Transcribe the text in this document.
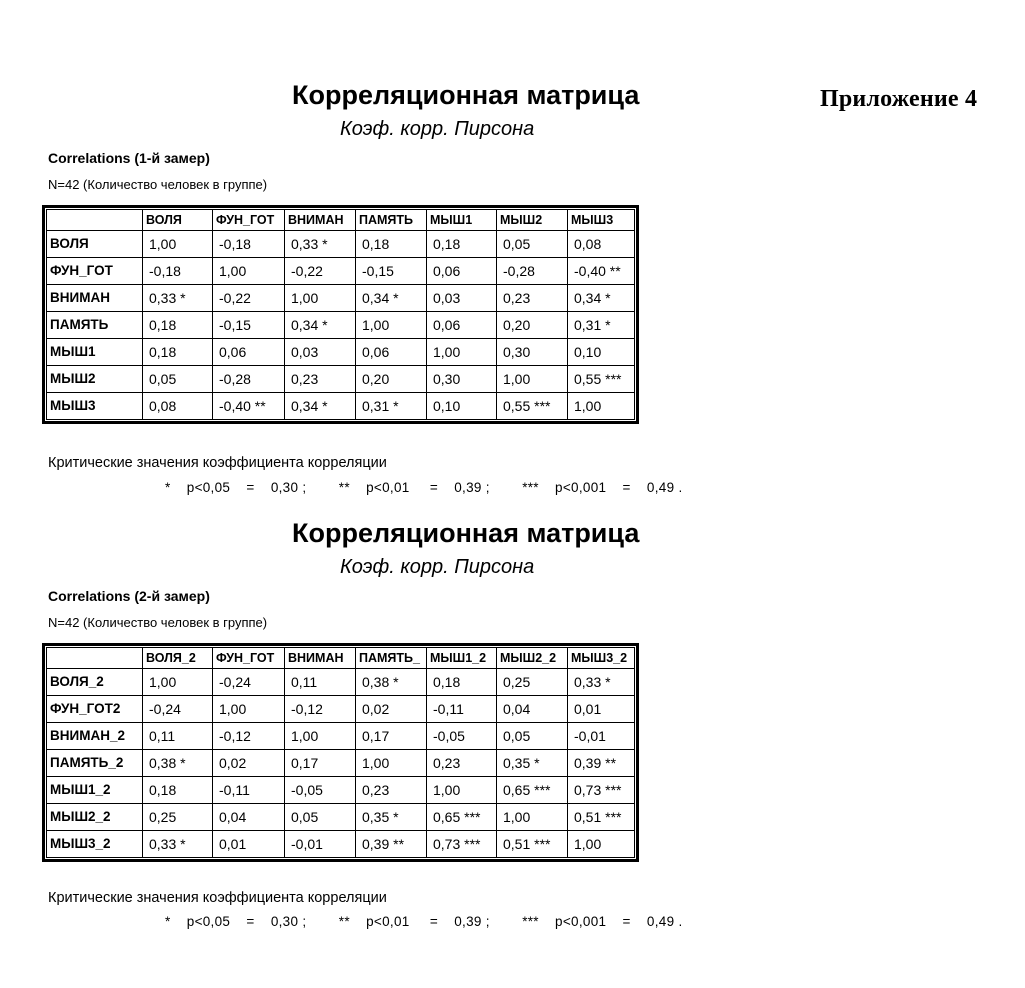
Приложение 4
Корреляционная матрица
Коэф. корр. Пирсона
Correlations (1-й замер)
N=42 (Количество человек в группе)
	ВОЛЯ	ФУН_ГОТ	ВНИМАН	ПАМЯТЬ	МЫШ1	МЫШ2	МЫШ3
ВОЛЯ	1,00	-0,18	0,33 *	0,18	0,18	0,05	0,08
ФУН_ГОТ	-0,18	1,00	-0,22	-0,15	0,06	-0,28	-0,40 **
ВНИМАН	0,33 *	-0,22	1,00	0,34 *	0,03	0,23	0,34 *
ПАМЯТЬ	0,18	-0,15	0,34 *	1,00	0,06	0,20	0,31 *
МЫШ1	0,18	0,06	0,03	0,06	1,00	0,30	0,10
МЫШ2	0,05	-0,28	0,23	0,20	0,30	1,00	0,55 ***
МЫШ3	0,08	-0,40 **	0,34 *	0,31 *	0,10	0,55 ***	1,00
Критические значения коэффициента корреляции
*    p<0,05    =    0,30 ;        **    p<0,01     =    0,39 ;        ***    p<0,001    =    0,49 .
Корреляционная матрица
Коэф. корр. Пирсона
Correlations (2-й замер)
N=42 (Количество человек в группе)
	ВОЛЯ_2	ФУН_ГОТ	ВНИМАН	ПАМЯТЬ_	МЫШ1_2	МЫШ2_2	МЫШ3_2
ВОЛЯ_2	1,00	-0,24	0,11	0,38 *	0,18	0,25	0,33 *
ФУН_ГОТ2	-0,24	1,00	-0,12	0,02	-0,11	0,04	0,01
ВНИМАН_2	0,11	-0,12	1,00	0,17	-0,05	0,05	-0,01
ПАМЯТЬ_2	0,38 *	0,02	0,17	1,00	0,23	0,35 *	0,39 **
МЫШ1_2	0,18	-0,11	-0,05	0,23	1,00	0,65 ***	0,73 ***
МЫШ2_2	0,25	0,04	0,05	0,35 *	0,65 ***	1,00	0,51 ***
МЫШ3_2	0,33 *	0,01	-0,01	0,39 **	0,73 ***	0,51 ***	1,00
Критические значения коэффициента корреляции
*    p<0,05    =    0,30 ;        **    p<0,01     =    0,39 ;        ***    p<0,001    =    0,49 .
